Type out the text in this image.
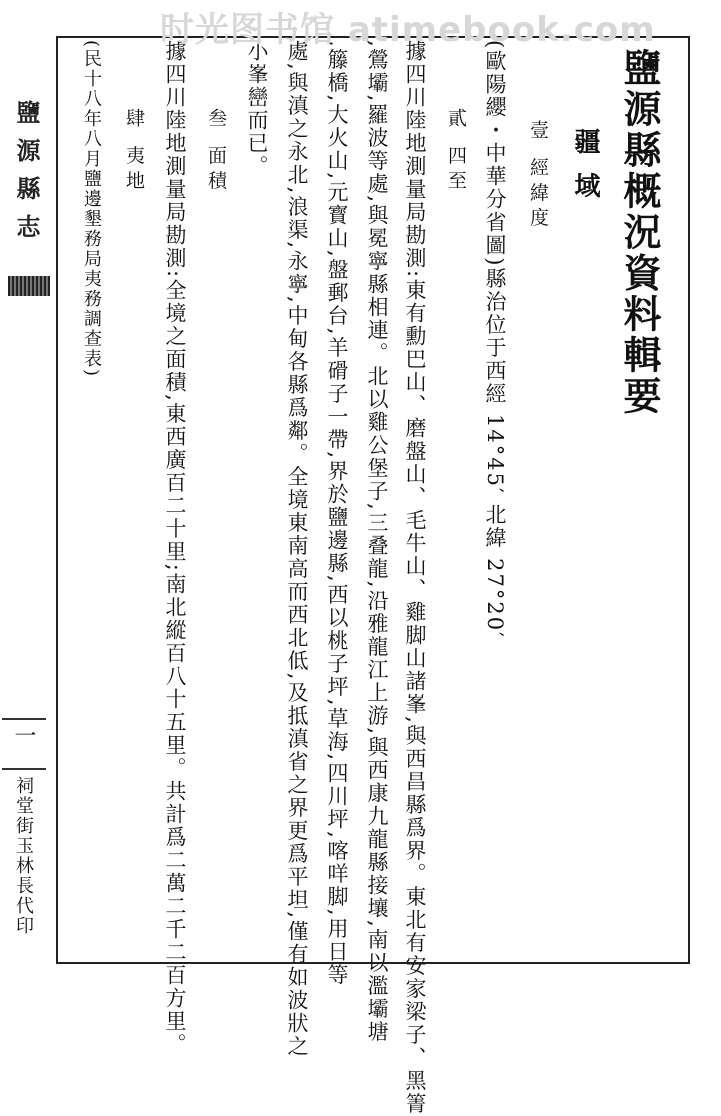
时光图书馆 atimebook.com
鹽源縣概況資料輯要
疆域
壹 經緯度
(歐陽纓・中華分省圖)縣治位于西經 14°45′ 北緯 27°20′
貳 四至
據四川陸地測量局勘測:東有勳巴山、磨盤山、毛牛山、雞脚山諸峯,與西昌縣爲界。東北有安家梁子、黑箐
,鶯壩,羅波等處,與冕寧縣相連。北以雞公堡子,三叠龍,沿雅龍江上游,與西康九龍縣接壤,南以濫壩塘
,籐橋,大火山,元寳山,盤郵台,羊磆子一帶,界於鹽邊縣,西以桃子坪,草海,四川坪,喀咩脚,用日等
處,與滇之永北,浪渠,永寧,中甸各縣爲鄰。全境東南高而西北低,及抵滇省之界更爲平坦,僅有如波狀之
小峯巒而已。
叁 面積
據四川陸地測量局勘測:全境之面積,東西廣百二十里;南北縱百八十五里。共計爲二萬二千二百方里。
肆 夷地
(民十八年八月鹽邊墾務局夷務調查表)
鹽源縣志
一
祠堂街玉林長代印
